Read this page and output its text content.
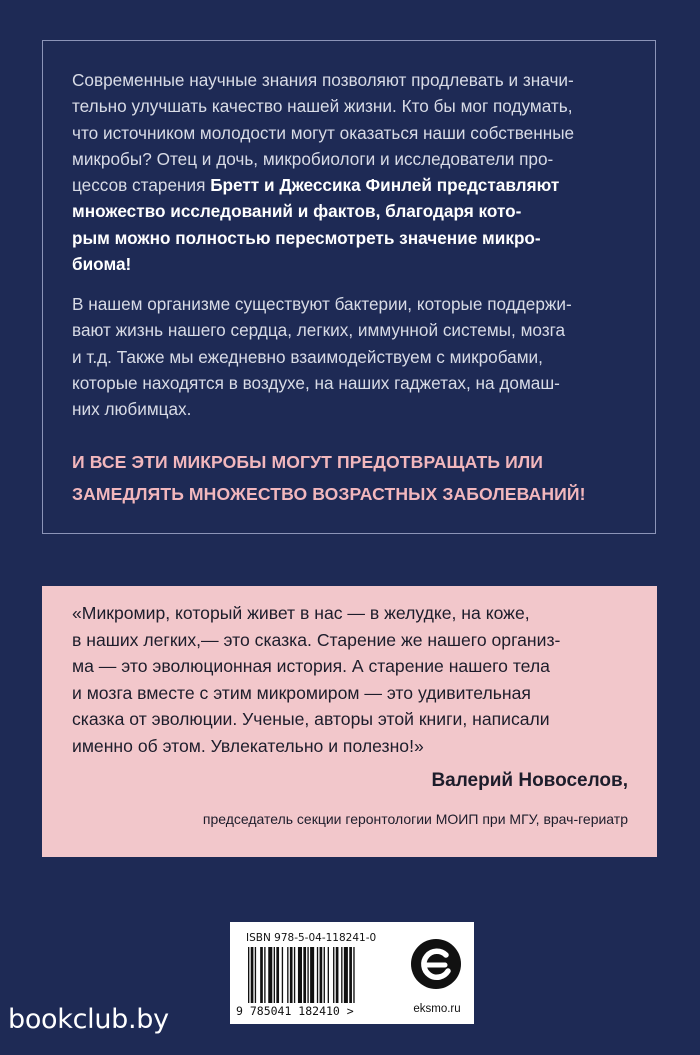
Современные научные знания позволяют продлевать и значи-
тельно улучшать качество нашей жизни. Кто бы мог подумать,
что источником молодости могут оказаться наши собственные
микробы? Отец и дочь, микробиологи и исследователи про-
цессов старения Бретт и Джессика Финлей представляют
множество исследований и фактов, благодаря кото-
рым можно полностью пересмотреть значение микро-
биома!
В нашем организме существуют бактерии, которые поддержи-
вают жизнь нашего сердца, легких, иммунной системы, мозга
и т.д. Также мы ежедневно взаимодействуем с микробами,
которые находятся в воздухе, на наших гаджетах, на домаш-
них любимцах.
И ВСЕ ЭТИ МИКРОБЫ МОГУТ ПРЕДОТВРАЩАТЬ ИЛИ
ЗАМЕДЛЯТЬ МНОЖЕСТВО ВОЗРАСТНЫХ ЗАБОЛЕВАНИЙ!
«Микромир, который живет в нас — в желудке, на коже,
в наших легких,— это сказка. Старение же нашего организ-
ма — это эволюционная история. А старение нашего тела
и мозга вместе с этим микромиром — это удивительная
сказка от эволюции. Ученые, авторы этой книги, написали
именно об этом. Увлекательно и полезно!»
Валерий Новоселов,
председатель секции геронтологии МОИП при МГУ, врач-гериатр
ISBN 978-5-04-118241-0
9 785041 182410 >	eksmo.ru
bookclub.by
